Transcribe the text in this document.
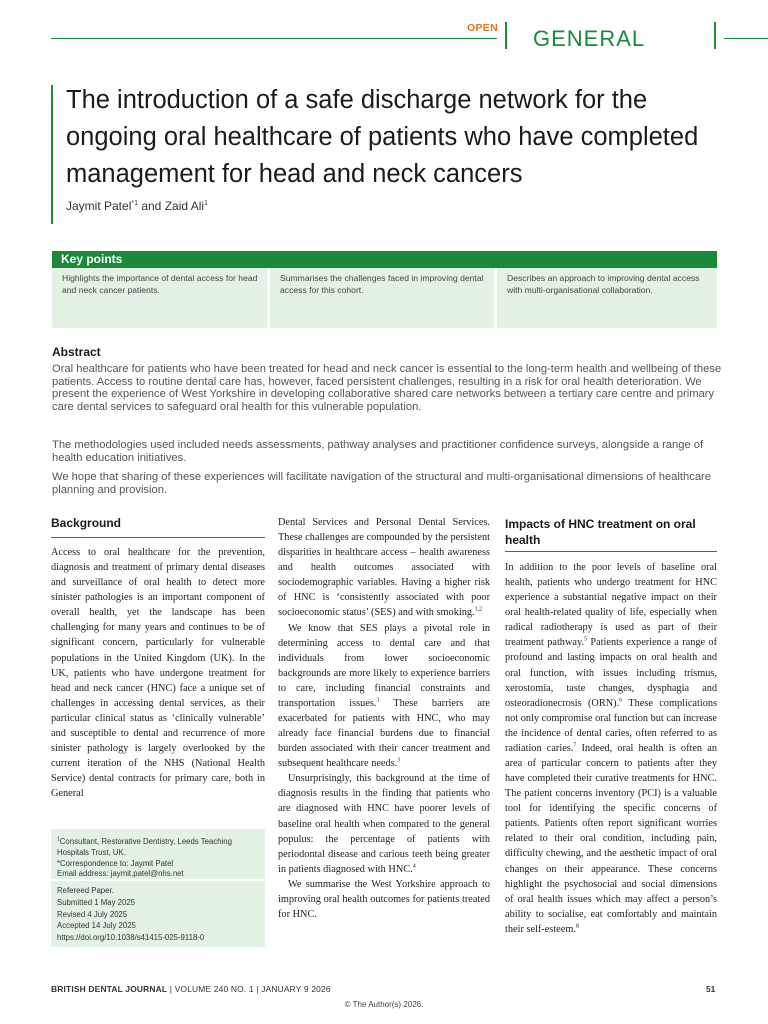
OPEN GENERAL
The introduction of a safe discharge network for the ongoing oral healthcare of patients who have completed management for head and neck cancers
Jaymit Patel$^{*1}$ and Zaid Ali$^1$
Key points
Highlights the importance of dental access for head and neck cancer patients.
Summarises the challenges faced in improving dental access for this cohort.
Describes an approach to improving dental access with multi-organisational collaboration.
Abstract

Oral healthcare for patients who have been treated for head and neck cancer is essential to the long-term health and wellbeing of these patients. Access to routine dental care has, however, faced persistent challenges, resulting in a risk for oral health deterioration. We present the experience of West Yorkshire in developing collaborative shared care networks between a tertiary care centre and primary care dental services to safeguard oral health for this vulnerable population.

The methodologies used included needs assessments, pathway analyses and practitioner confidence surveys, alongside a range of health education initiatives.

We hope that sharing of these experiences will facilitate navigation of the structural and multi-organisational dimensions of healthcare planning and provision.

Background

Access to oral healthcare for the prevention, diagnosis and treatment of primary dental diseases and surveillance of oral health to detect more sinister pathologies is an important component of overall health, yet the landscape has been challenging for many years and continues to be of significant concern, particularly for vulnerable populations in the United Kingdom (UK). In the UK, patients who have undergone treatment for head and neck cancer (HNC) face a unique set of challenges in accessing dental services, as their particular clinical status as ‘clinically vulnerable’ and susceptible to dental and recurrence of more sinister pathology is largely overlooked by the current iteration of the NHS (National Health Service) dental contracts for primary care, both in General

$^1$Consultant, Restorative Dentistry, Leeds Teaching Hospitals Trust, UK.
*Correspondence to: Jaymit Patel
Email address: jaymit.patel@nhs.net
Refereed Paper.
Submitted 1 May 2025
Revised 4 July 2025
Accepted 14 July 2025
https://doi.org/10.1038/s41415-025-9118-0

Dental Services and Personal Dental Services. These challenges are compounded by the persistent disparities in healthcare access – health awareness and health outcomes associated with sociodemographic variables. Having a higher risk of HNC is ‘consistently associated with poor socioeconomic status’ (SES) and with smoking.$^{1,2}$

We know that SES plays a pivotal role in determining access to dental care and that individuals from lower socioeconomic backgrounds are more likely to experience barriers to care, including financial constraints and transportation issues.$^3$ These barriers are exacerbated for patients with HNC, who may already face financial burdens due to financial burden associated with their cancer treatment and subsequent healthcare needs.$^3$

Unsurprisingly, this background at the time of diagnosis results in the finding that patients who are diagnosed with HNC have poorer levels of baseline oral health when compared to the general populus: the percentage of patients with periodontal disease and carious teeth being greater in patients diagnosed with HNC.$^4$

We summarise the West Yorkshire approach to improving oral health outcomes for patients treated for HNC.

Impacts of HNC treatment on oral health

In addition to the poor levels of baseline oral health, patients who undergo treatment for HNC experience a substantial negative impact on their oral health-related quality of life, especially when radical radiotherapy is used as part of their treatment pathway.$^5$ Patients experience a range of profound and lasting impacts on oral health and oral function, with issues including trismus, xerostomia, taste changes, dysphagia and osteoradionecrosis (ORN).$^6$ These complications not only compromise oral function but can increase the incidence of dental caries, often referred to as radiation caries.$^7$ Indeed, oral health is often an area of particular concern to patients after they have completed their curative treatments for HNC. The patient concerns inventory (PCI) is a valuable tool for identifying the specific concerns of patients. Patients often report significant worries related to their oral condition, including pain, difficulty chewing, and the aesthetic impact of oral changes on their appearance. These concerns highlight the psychosocial and social dimensions of oral health issues which may affect a person’s ability to socialise, eat comfortably and maintain their self-esteem.$^8$

BRITISH DENTAL JOURNAL | VOLUME 240 NO. 1 | JANUARY 9 2026	51
© The Author(s) 2026.
